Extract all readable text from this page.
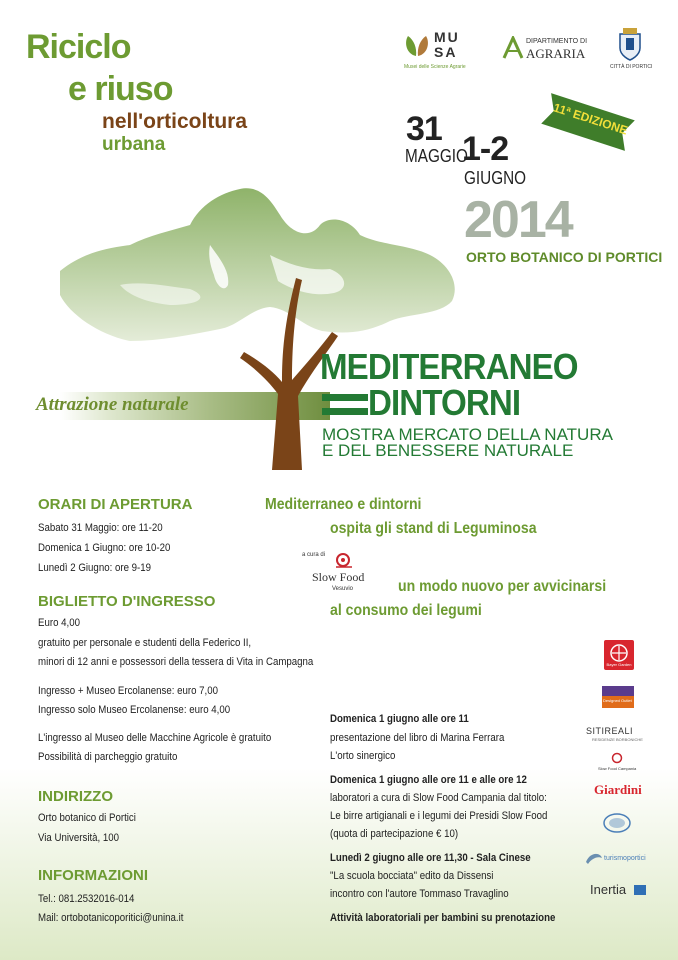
Riciclo
e riuso
nell'orticoltura
urbana
MU SA
Musei delle Scienze Agrarie
DIPARTIMENTO DI
AGRARIA
CITTÀ DI PORTICI
31
MAGGIO
1-2
GIUGNO
2014
ORTO BOTANICO DI PORTICI
11ª EDIZIONE
Attrazione naturale
MEDITERRANEO
DINTORNI
MOSTRA MERCATO DELLA NATURA
E DEL BENESSERE NATURALE
ORARI DI APERTURA
Sabato 31 Maggio: ore 11-20
Domenica 1 Giugno: ore 10-20
Lunedì 2 Giugno: ore 9-19
BIGLIETTO D'INGRESSO
Euro 4,00
gratuito per personale e studenti della Federico II,
minori di 12 anni e possessori della tessera di Vita in Campagna
Ingresso + Museo Ercolanense: euro 7,00
Ingresso solo Museo Ercolanense: euro 4,00
L'ingresso al Museo delle Macchine Agricole è gratuito
Possibilità di parcheggio gratuito
INDIRIZZO
Orto botanico di Portici
Via Università, 100
INFORMAZIONI
Tel.: 081.2532016-014
Mail: ortobotanicoporitici@unina.it
Mediterraneo e dintorni
ospita gli stand di Leguminosa
a cura di
Slow Food
Vesuvio	un modo nuovo per avvicinarsi
al consumo dei legumi
Domenica 1 giugno alle ore 11
presentazione del libro di Marina Ferrara
L'orto sinergico
Domenica 1 giugno alle ore 11 e alle ore 12
laboratori a cura di Slow Food Campania dal titolo:
Le birre artigianali e i legumi dei Presidi Slow Food
(quota di partecipazione € 10)
Lunedì 2 giugno alle ore 11,30 - Sala Cinese
"La scuola bocciata" edito da Dissensi
incontro con l'autore Tommaso Travaglino
Attività laboratoriali per bambini su prenotazione
Bayer Garden
Designed Outlet
SITIREALI
RESIDENZE BORBONICHE
Slow Food Campania
Giardini
turismoportici
Inertia
